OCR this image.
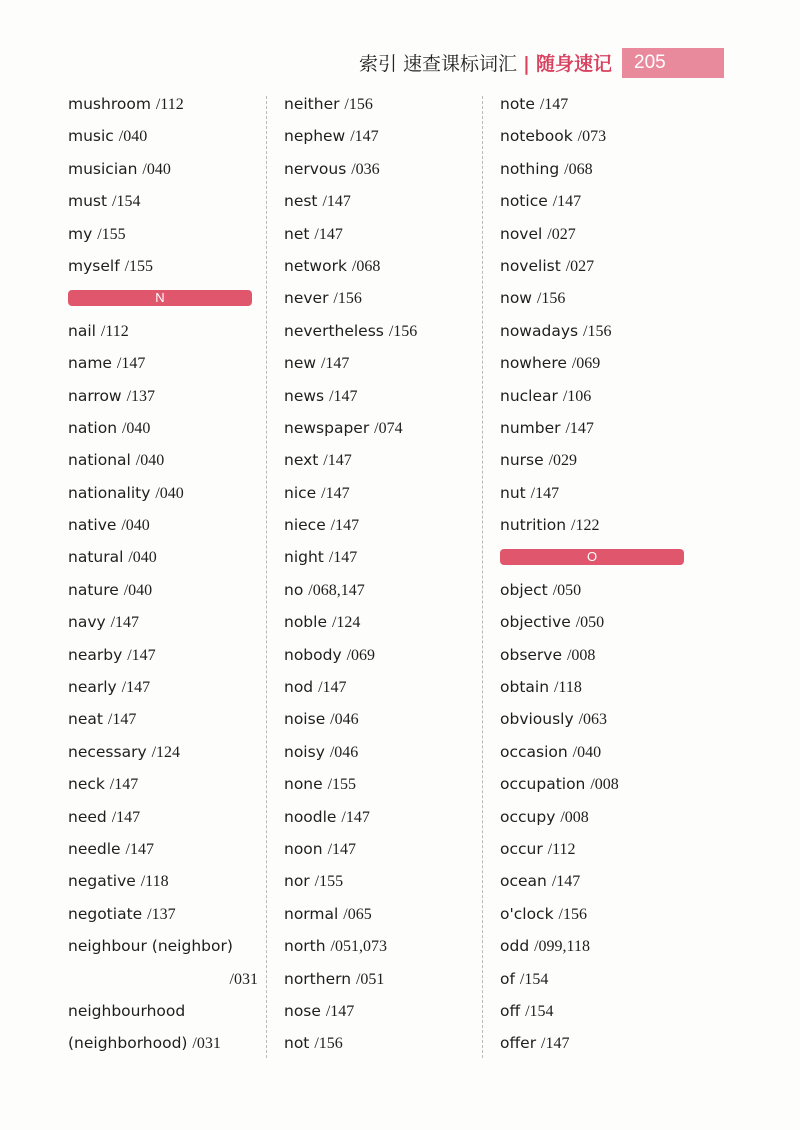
索引 速查课标词汇 | 随身速记	205
mushroom /112
music /040
musician /040
must /154
my /155
myself /155
N
nail /112
name /147
narrow /137
nation /040
national /040
nationality /040
native /040
natural /040
nature /040
navy /147
nearby /147
nearly /147
neat /147
necessary /124
neck /147
need /147
needle /147
negative /118
negotiate /137
neighbour (neighbor)
/031
neighbourhood
(neighborhood) /031
neither /156
nephew /147
nervous /036
nest /147
net /147
network /068
never /156
nevertheless /156
new /147
news /147
newspaper /074
next /147
nice /147
niece /147
night /147
no /068,147
noble /124
nobody /069
nod /147
noise /046
noisy /046
none /155
noodle /147
noon /147
nor /155
normal /065
north /051,073
northern /051
nose /147
not /156
note /147
notebook /073
nothing /068
notice /147
novel /027
novelist /027
now /156
nowadays /156
nowhere /069
nuclear /106
number /147
nurse /029
nut /147
nutrition /122
O
object /050
objective /050
observe /008
obtain /118
obviously /063
occasion /040
occupation /008
occupy /008
occur /112
ocean /147
o'clock /156
odd /099,118
of /154
off /154
offer /147
